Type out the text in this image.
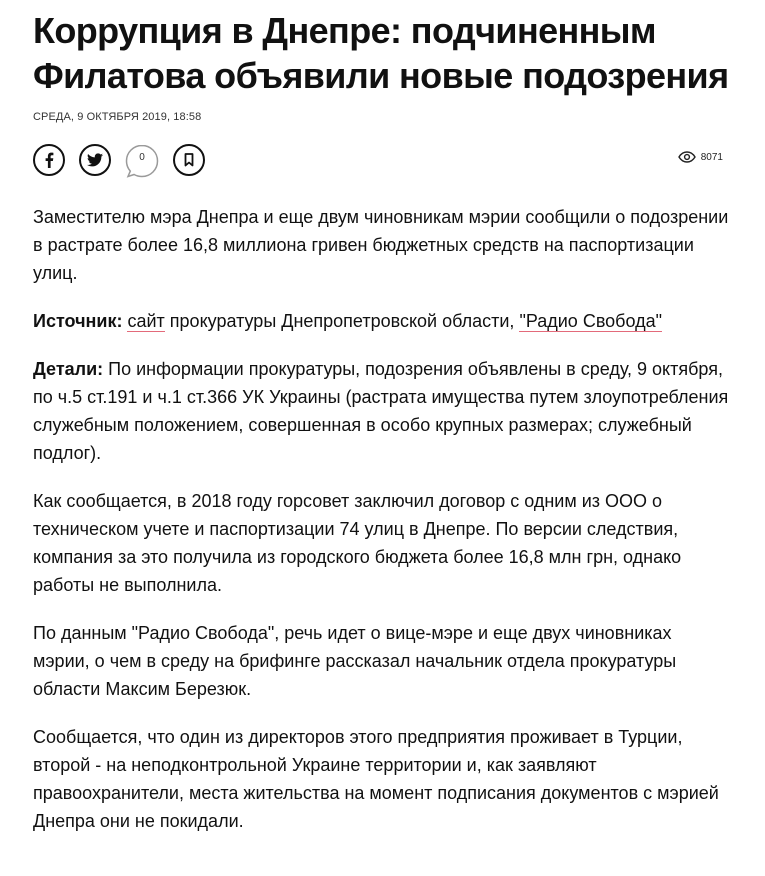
Коррупция в Днепре: подчиненным Филатова объявили новые подозрения
СРЕДА, 9 ОКТЯБРЯ 2019, 18:58
0	8071

Заместителю мэра Днепра и еще двум чиновникам мэрии сообщили о подозрении в растрате более 16,8 миллиона гривен бюджетных средств на паспортизации улиц.

Источник: сайт прокуратуры Днепропетровской области, "Радио Свобода"

Детали: По информации прокуратуры, подозрения объявлены в среду, 9 октября, по ч.5 ст.191 и ч.1 ст.366 УК Украины (растрата имущества путем злоупотребления служебным положением, совершенная в особо крупных размерах; служебный подлог).

Как сообщается, в 2018 году горсовет заключил договор с одним из ООО о техническом учете и паспортизации 74 улиц в Днепре. По версии следствия, компания за это получила из городского бюджета более 16,8 млн грн, однако работы не выполнила.

По данным "Радио Свобода", речь идет о вице-мэре и еще двух чиновниках мэрии, о чем в среду на брифинге рассказал начальник отдела прокуратуры области Максим Березюк.

Сообщается, что один из директоров этого предприятия проживает в Турции, второй - на неподконтрольной Украине территории и, как заявляют правоохранители, места жительства на момент подписания документов с мэрией Днепра они не покидали.
